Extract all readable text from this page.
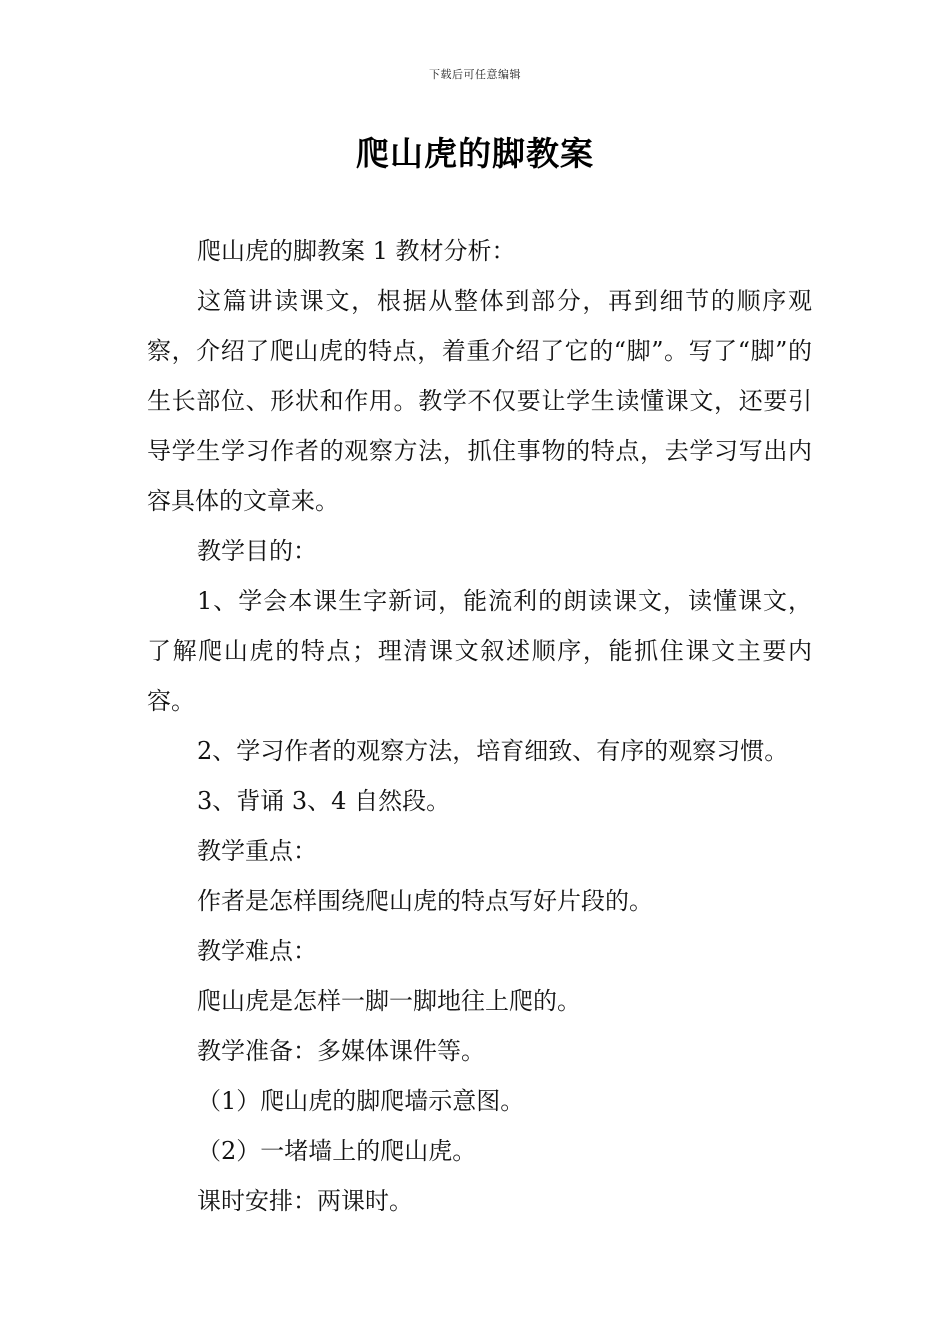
下载后可任意编辑
爬山虎的脚教案

爬山虎的脚教案 1 教材分析：

这篇讲读课文，根据从整体到部分，再到细节的顺序观察，介绍了爬山虎的特点，着重介绍了它的“脚”。写了“脚”的生长部位、形状和作用。教学不仅要让学生读懂课文，还要引导学生学习作者的观察方法，抓住事物的特点，去学习写出内容具体的文章来。

教学目的：

1、学会本课生字新词，能流利的朗读课文，读懂课文，了解爬山虎的特点；理清课文叙述顺序，能抓住课文主要内容。

2、学习作者的观察方法，培育细致、有序的观察习惯。

3、背诵 3、4 自然段。

教学重点：

作者是怎样围绕爬山虎的特点写好片段的。

教学难点：

爬山虎是怎样一脚一脚地往上爬的。

教学准备：多媒体课件等。

（1）爬山虎的脚爬墙示意图。

（2）一堵墙上的爬山虎。

课时安排：两课时。
